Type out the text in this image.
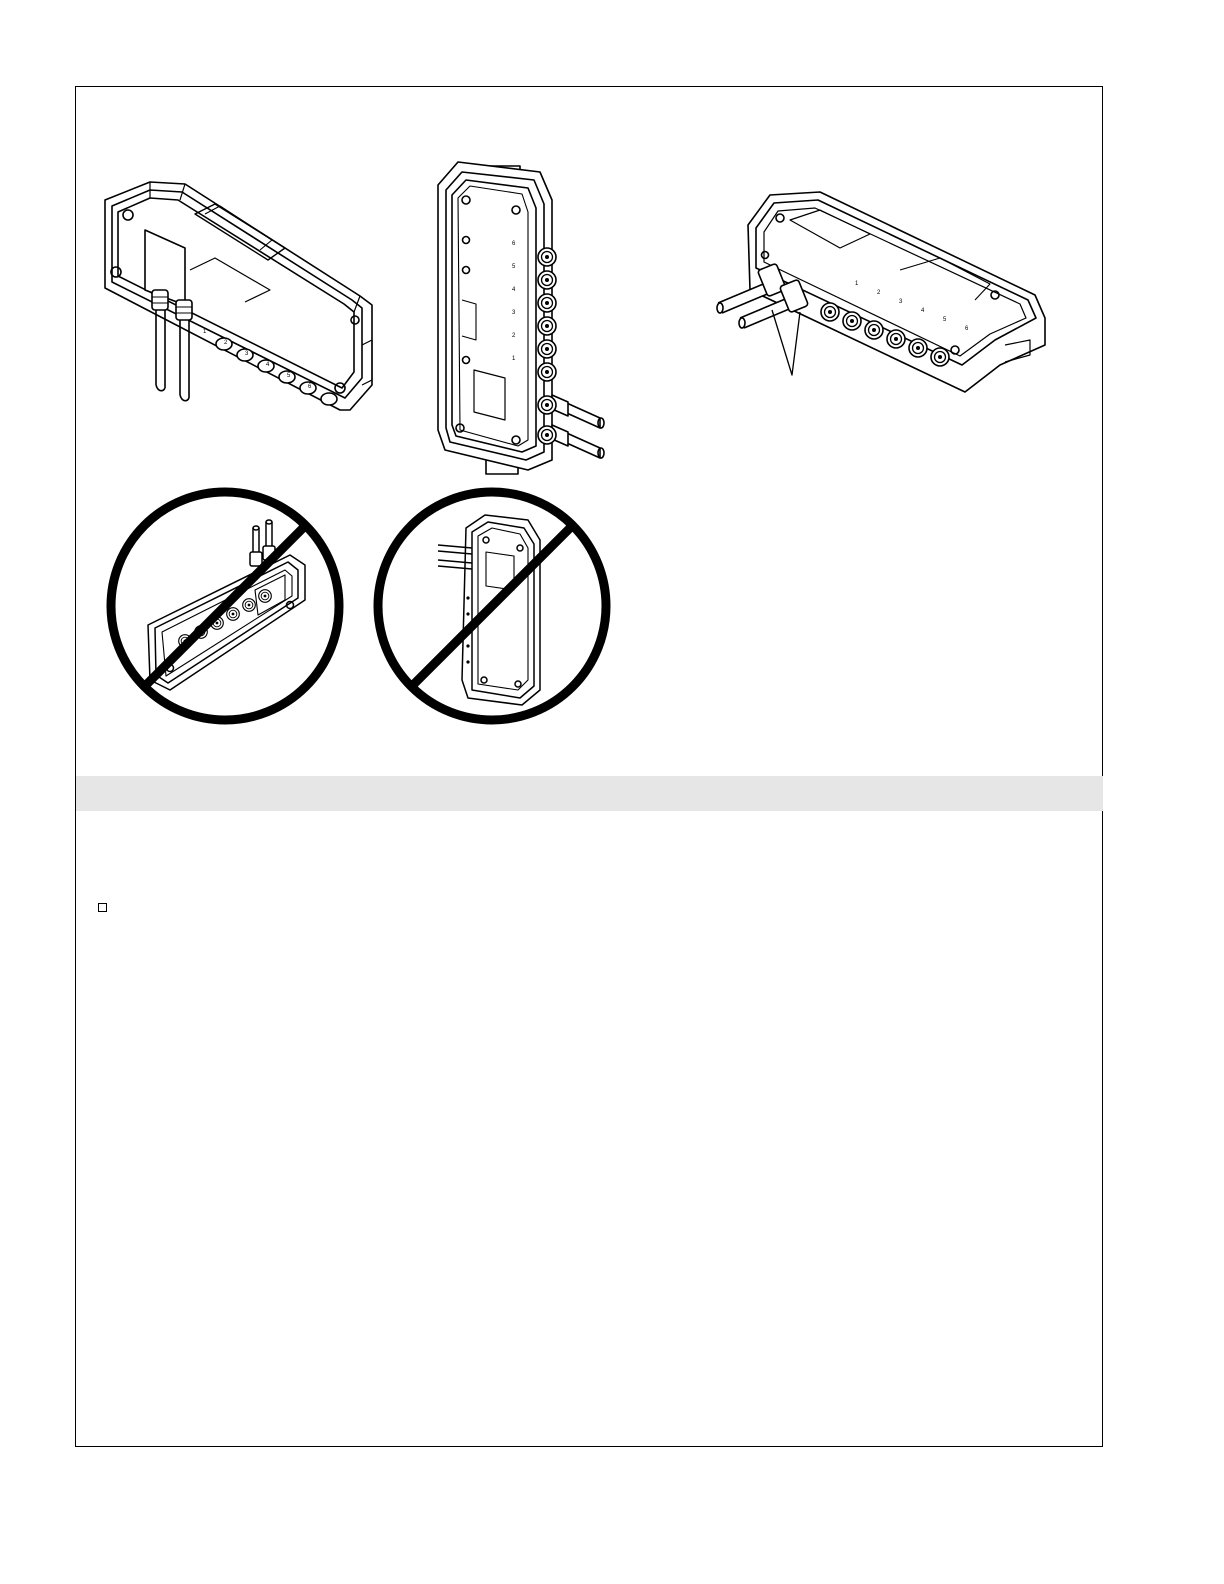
1
2
3
4
5
6
6
5
4
3
2
1
1
2
3
4
5
6
